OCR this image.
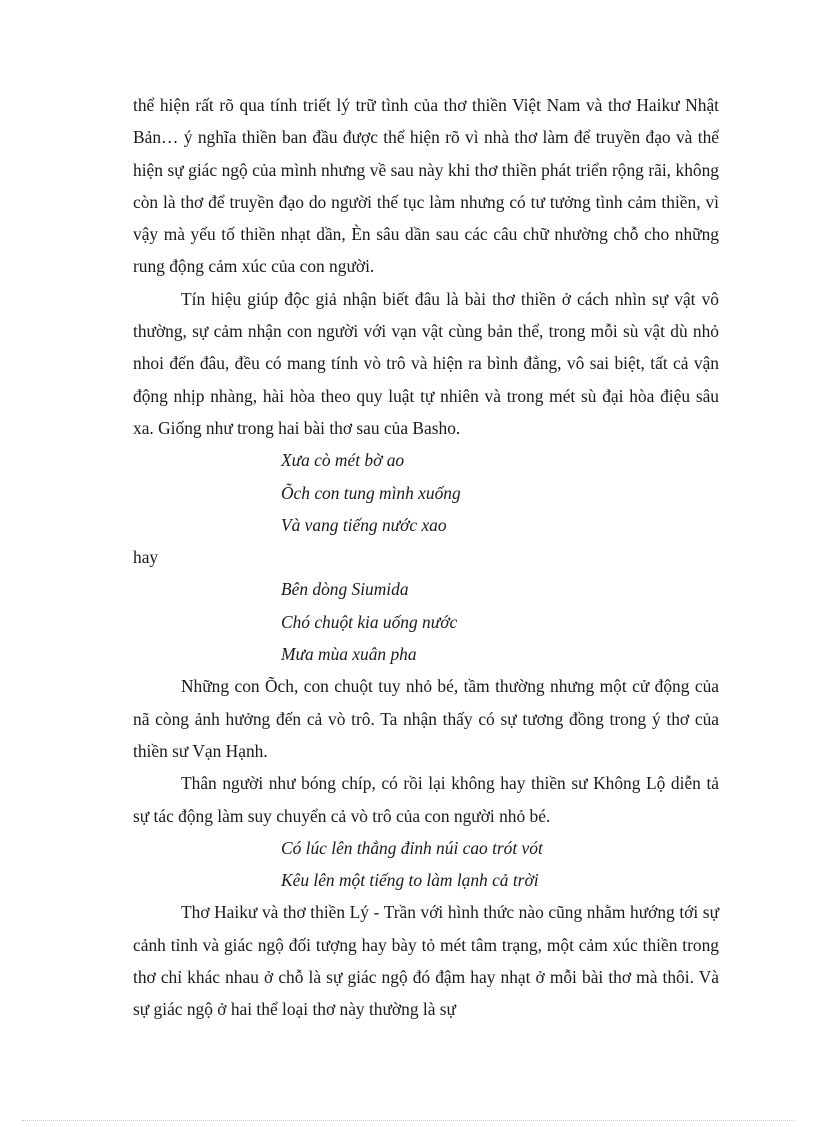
thể hiện rất rõ qua tính triết lý trữ tình của thơ thiền Việt Nam và thơ Haikư Nhật Bản… ý nghĩa thiền ban đầu được thể hiện rõ vì nhà thơ làm để truyền đạo và thể hiện sự giác ngộ của mình nhưng về sau này khi thơ thiền phát triển rộng rãi, không còn là thơ để truyền đạo do người thế tục làm nhưng có tư tưởng tình cảm thiền, vì vậy mà yếu tố thiền nhạt dần, Èn sâu dần sau các câu chữ nhường chỗ cho những rung động cảm xúc của con người.

Tín hiệu giúp độc giả nhận biết đâu là bài thơ thiền ở cách nhìn sự vật vô thường, sự cảm nhận con người với vạn vật cùng bản thể, trong mỗi sù vật dù nhỏ nhoi đến đâu, đều có mang tính vò trô và hiện ra bình đẳng, vô sai biệt, tất cả vận động nhịp nhàng, hài hòa theo quy luật tự nhiên và trong mét sù đại hòa điệu sâu xa. Giống như trong hai bài thơ sau của Basho.

Xưa cò mét bờ ao
Õch con tung mình xuống
Và vang tiếng nước xao

hay

Bên dòng Siumida
Chó chuột kia uống nước
Mưa mùa xuân pha

Những con Õch, con chuột tuy nhỏ bé, tầm thường nhưng một cử động của nã còng ảnh hưởng đến cả vò trô. Ta nhận thấy có sự tương đồng trong ý thơ của thiền sư Vạn Hạnh.

Thân người như bóng chíp, có rồi lại không hay thiền sư Không Lộ diễn tả sự tác động làm suy chuyển cả vò trô của con người nhỏ bé.

Có lúc lên thẳng đỉnh núi cao trót vót
Kêu lên một tiếng to làm lạnh cả trời

Thơ Haikư và thơ thiền Lý - Trần với hình thức nào cũng nhằm hướng tới sự cảnh tỉnh và giác ngộ đối tượng hay bày tỏ mét tâm trạng, một cảm xúc thiền trong thơ chỉ khác nhau ở chỗ là sự giác ngộ đó đậm hay nhạt ở mỗi bài thơ mà thôi. Và sự giác ngộ ở hai thể loại thơ này thường là sự
